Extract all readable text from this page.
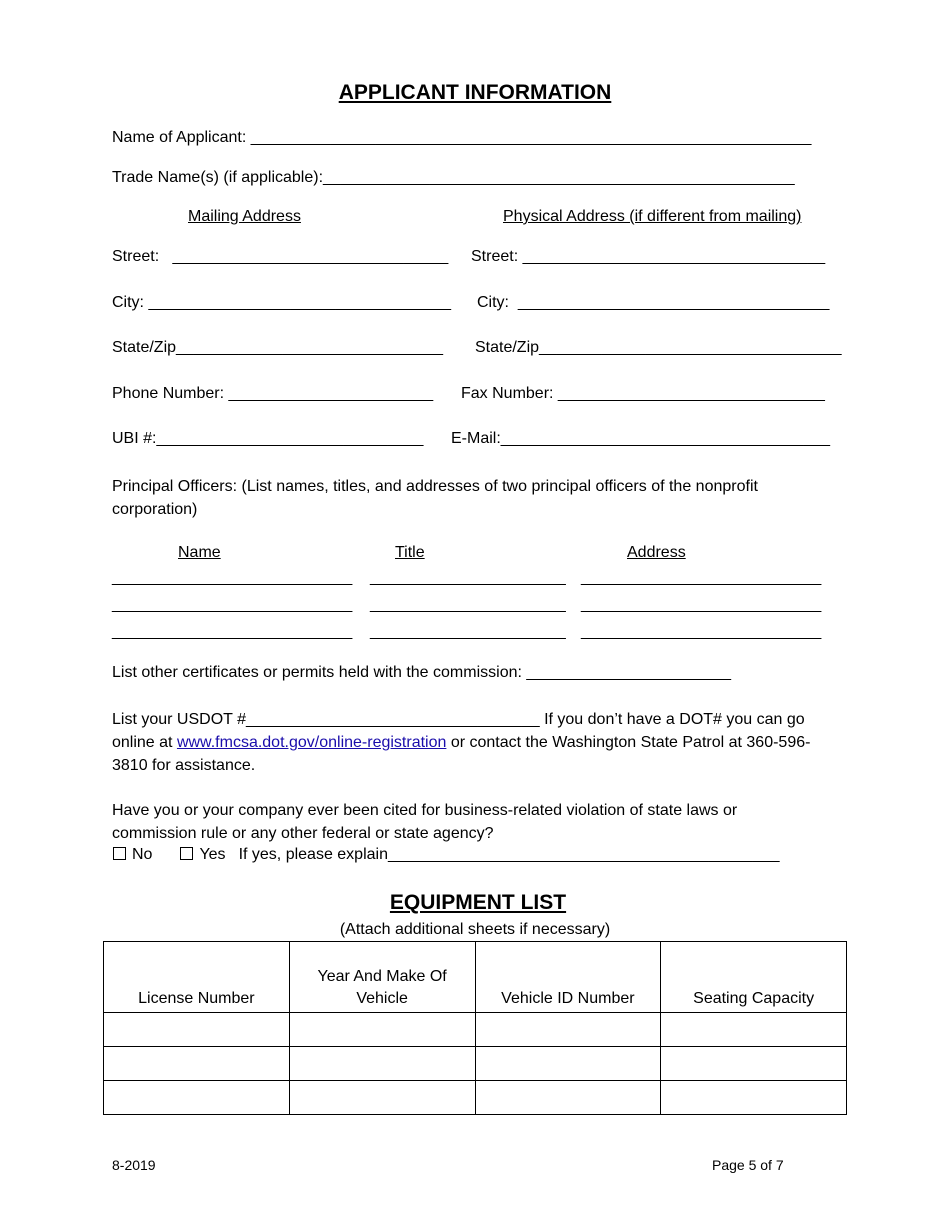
APPLICANT INFORMATION
Name of Applicant: _______________________________________________________________
Trade Name(s) (if applicable):_____________________________________________________
Mailing Address	Physical Address (if different from mailing)
Street:   _______________________________ Street: __________________________________
City: __________________________________ City:  ___________________________________
State/Zip______________________________ State/Zip__________________________________
Phone Number: _______________________ Fax Number: ______________________________
UBI #:______________________________ E-Mail:_____________________________________
Principal Officers: (List names, titles, and addresses of two principal officers of the nonprofit corporation)
Name	Title	Address
___________________________ ______________________ ___________________________
___________________________ ______________________ ___________________________
___________________________ ______________________ ___________________________
List other certificates or permits held with the commission: _______________________
List your USDOT #_________________________________ If you don’t have a DOT# you can go online at www.fmcsa.dot.gov/online-registration or contact the Washington State Patrol at 360-596-3810 for assistance.
Have you or your company ever been cited for business-related violation of state laws or commission rule or any other federal or state agency?
No	Yes If yes, please explain____________________________________________
EQUIPMENT LIST
(Attach additional sheets if necessary)
License Number	Year And Make Of Vehicle	Vehicle ID Number	Seating Capacity

8-2019	Page 5 of 7
